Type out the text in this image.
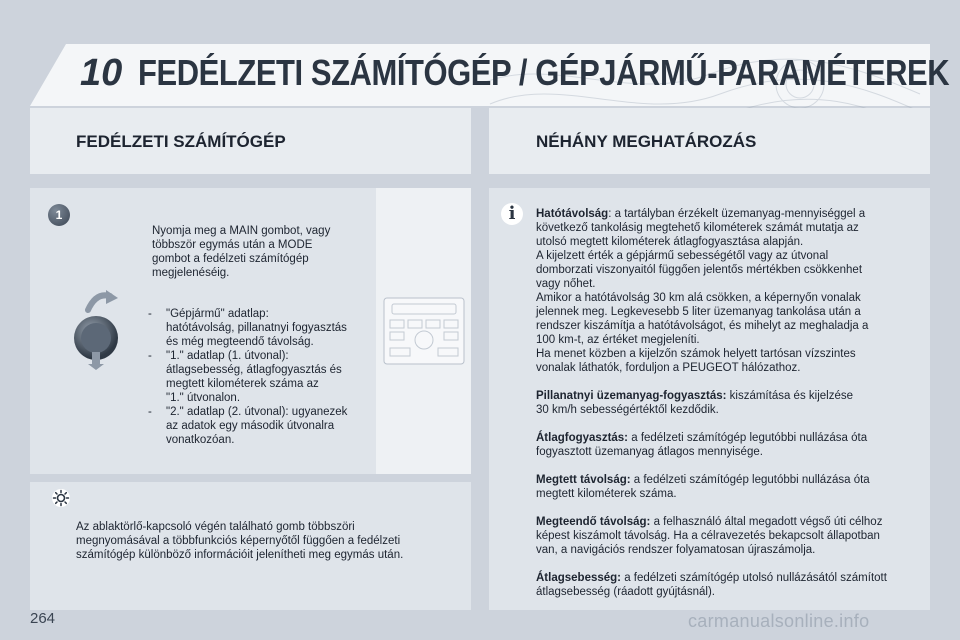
10 FEDÉLZETI SZÁMÍTÓGÉP / GÉPJÁRMŰ-PARAMÉTEREK
FEDÉLZETI SZÁMÍTÓGÉP	NÉHÁNY MEGHATÁROZÁS
1
Nyomja meg a MAIN gombot, vagy
többször egymás után a MODE
gombot a fedélzeti számítógép
megjelenéséig.
-	"Gépjármű" adatlap:
hatótávolság, pillanatnyi fogyasztás
és még megteendő távolság.
-	"1." adatlap (1. útvonal):
átlagsebesség, átlagfogyasztás és
megtett kilométerek száma az
"1." útvonalon.
-	"2." adatlap (2. útvonal): ugyanezek
az adatok egy második útvonalra
vonatkozóan.
Az ablaktörlő-kapcsoló végén található gomb többszöri
megnyomásával a többfunkciós képernyőtől függően a fedélzeti
számítógép különböző információit jelenítheti meg egymás után.
i	Hatótávolság: a tartályban érzékelt üzemanyag-mennyiséggel a
következő tankolásig megtehető kilométerek számát mutatja az
utolsó megtett kilométerek átlagfogyasztása alapján.
A kijelzett érték a gépjármű sebességétől vagy az útvonal
domborzati viszonyaitól függően jelentős mértékben csökkenhet
vagy nőhet.
Amikor a hatótávolság 30 km alá csökken, a képernyőn vonalak
jelennek meg. Legkevesebb 5 liter üzemanyag tankolása után a
rendszer kiszámítja a hatótávolságot, és mihelyt az meghaladja a
100 km-t, az értéket megjeleníti.
Ha menet közben a kijelzőn számok helyett tartósan vízszintes
vonalak láthatók, forduljon a PEUGEOT hálózathoz.
Pillanatnyi üzemanyag-fogyasztás: kiszámítása és kijelzése
30 km/h sebességértéktől kezdődik.
Átlagfogyasztás: a fedélzeti számítógép legutóbbi nullázása óta
fogyasztott üzemanyag átlagos mennyisége.
Megtett távolság: a fedélzeti számítógép legutóbbi nullázása óta
megtett kilométerek száma.
Megteendő távolság: a felhasználó által megadott végső úti célhoz
képest kiszámolt távolság. Ha a célravezetés bekapcsolt állapotban
van, a navigációs rendszer folyamatosan újraszámolja.
Átlagsebesség: a fedélzeti számítógép utolsó nullázásától számított
átlagsebesség (ráadott gyújtásnál).
264	carmanualsonline.info
